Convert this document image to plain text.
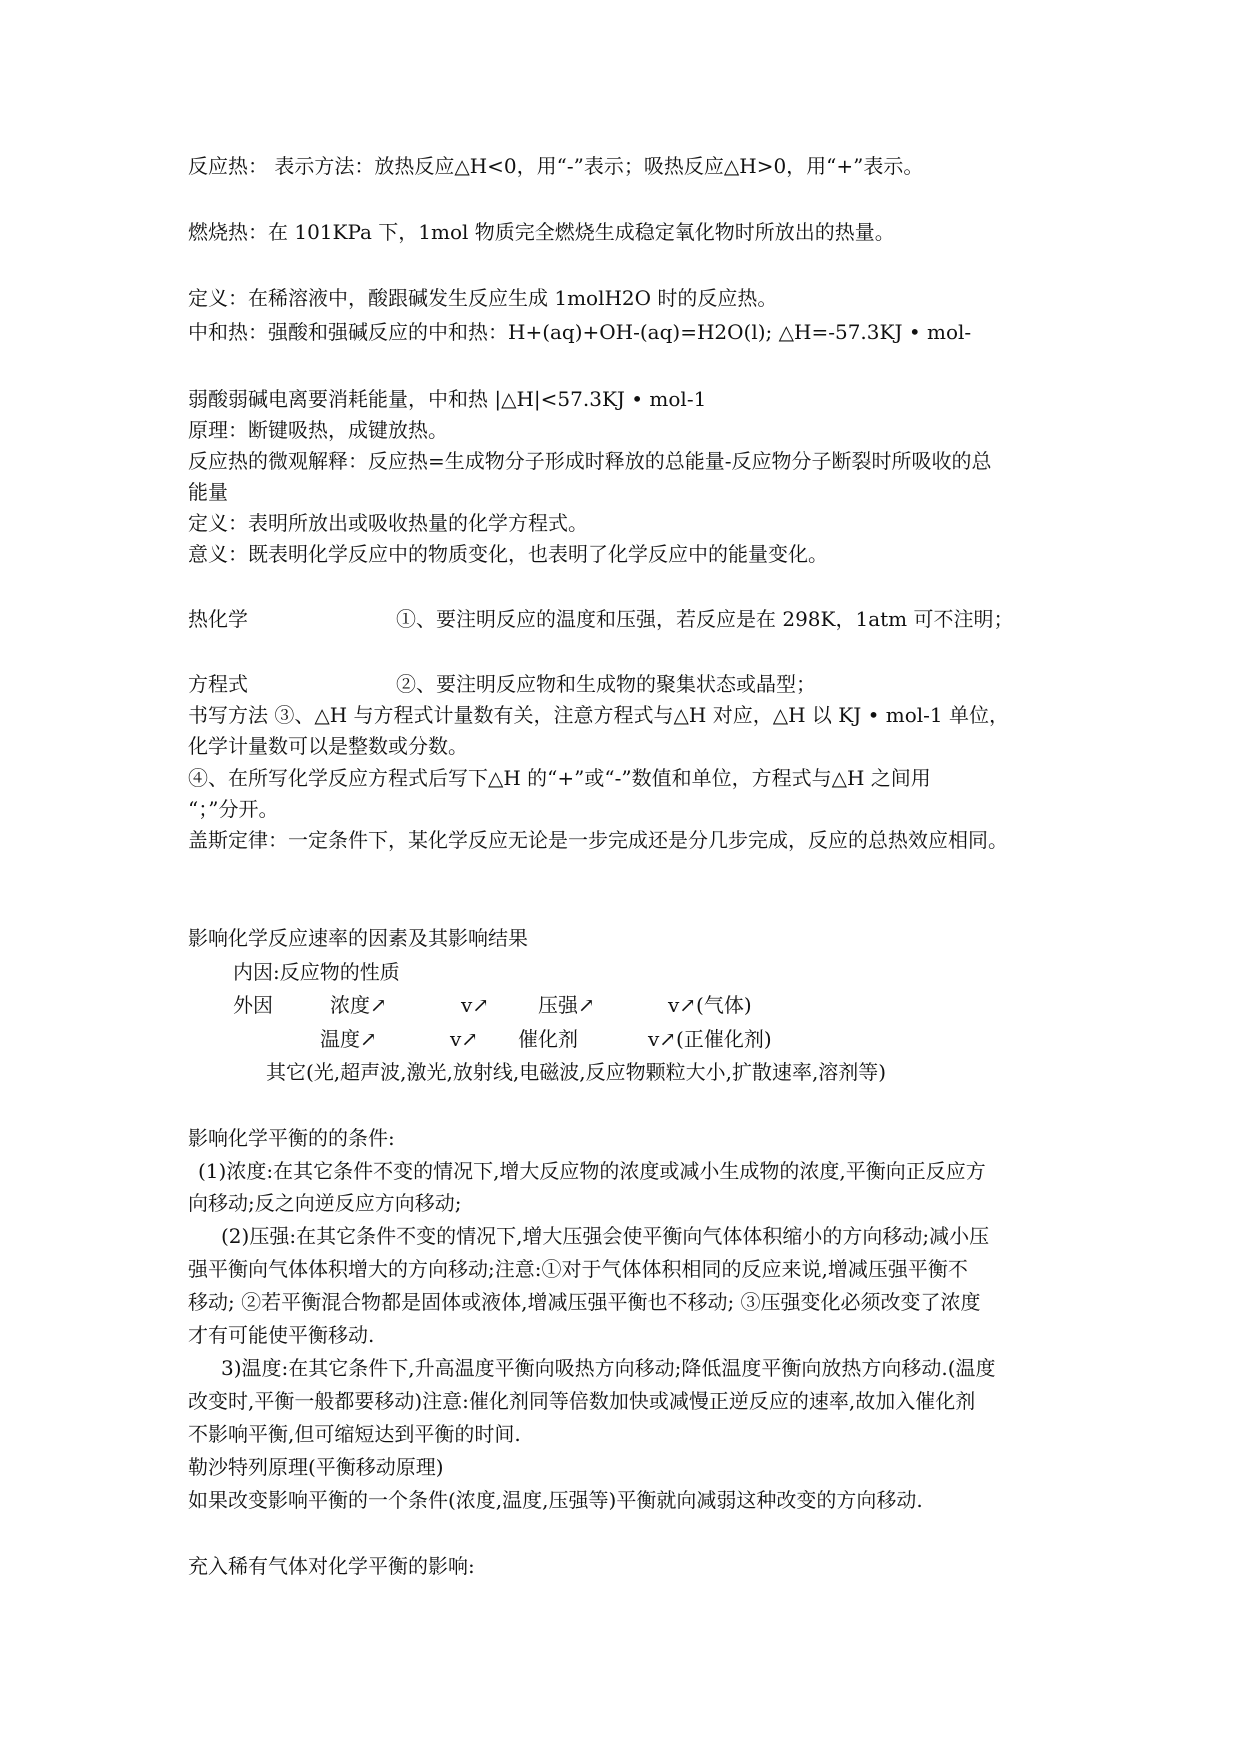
反应热： 表示方法：放热反应△H<0，用“-”表示；吸热反应△H>0，用“+”表示。
燃烧热：在 101KPa 下，1mol 物质完全燃烧生成稳定氧化物时所放出的热量。
定义：在稀溶液中，酸跟碱发生反应生成 1molH2O 时的反应热。
中和热：强酸和强碱反应的中和热：H+(aq)+OH-(aq)=H2O(l); △H=-57.3KJ • mol-
弱酸弱碱电离要消耗能量，中和热 |△H|<57.3KJ • mol-1
原理：断键吸热，成键放热。
反应热的微观解释：反应热=生成物分子形成时释放的总能量-反应物分子断裂时所吸收的总
能量
定义：表明所放出或吸收热量的化学方程式。
意义：既表明化学反应中的物质变化，也表明了化学反应中的能量变化。
热化学	①、要注明反应的温度和压强，若反应是在 298K，1atm 可不注明；
方程式	②、要注明反应物和生成物的聚集状态或晶型；
书写方法 ③、△H 与方程式计量数有关，注意方程式与△H 对应，△H 以 KJ • mol-1 单位，
化学计量数可以是整数或分数。
④、在所写化学反应方程式后写下△H 的“+”或“-”数值和单位，方程式与△H 之间用
“；”分开。
盖斯定律：一定条件下，某化学反应无论是一步完成还是分几步完成，反应的总热效应相同。
影响化学反应速率的因素及其影响结果
内因:反应物的性质
外因	浓度↗	v↗ 压强↗	v↗(气体)
温度↗	v↗ 催化剂	v↗(正催化剂)
其它(光,超声波,激光,放射线,电磁波,反应物颗粒大小,扩散速率,溶剂等)
影响化学平衡的的条件:
(1)浓度:在其它条件不变的情况下,增大反应物的浓度或减小生成物的浓度,平衡向正反应方
向移动;反之向逆反应方向移动;
(2)压强:在其它条件不变的情况下,增大压强会使平衡向气体体积缩小的方向移动;减小压
强平衡向气体体积增大的方向移动;注意:①对于气体体积相同的反应来说,增减压强平衡不
移动; ②若平衡混合物都是固体或液体,增减压强平衡也不移动; ③压强变化必须改变了浓度
才有可能使平衡移动.
3)温度:在其它条件下,升高温度平衡向吸热方向移动;降低温度平衡向放热方向移动.(温度
改变时,平衡一般都要移动)注意:催化剂同等倍数加快或减慢正逆反应的速率,故加入催化剂
不影响平衡,但可缩短达到平衡的时间.
勒沙特列原理(平衡移动原理)
如果改变影响平衡的一个条件(浓度,温度,压强等)平衡就向减弱这种改变的方向移动.
充入稀有气体对化学平衡的影响:
